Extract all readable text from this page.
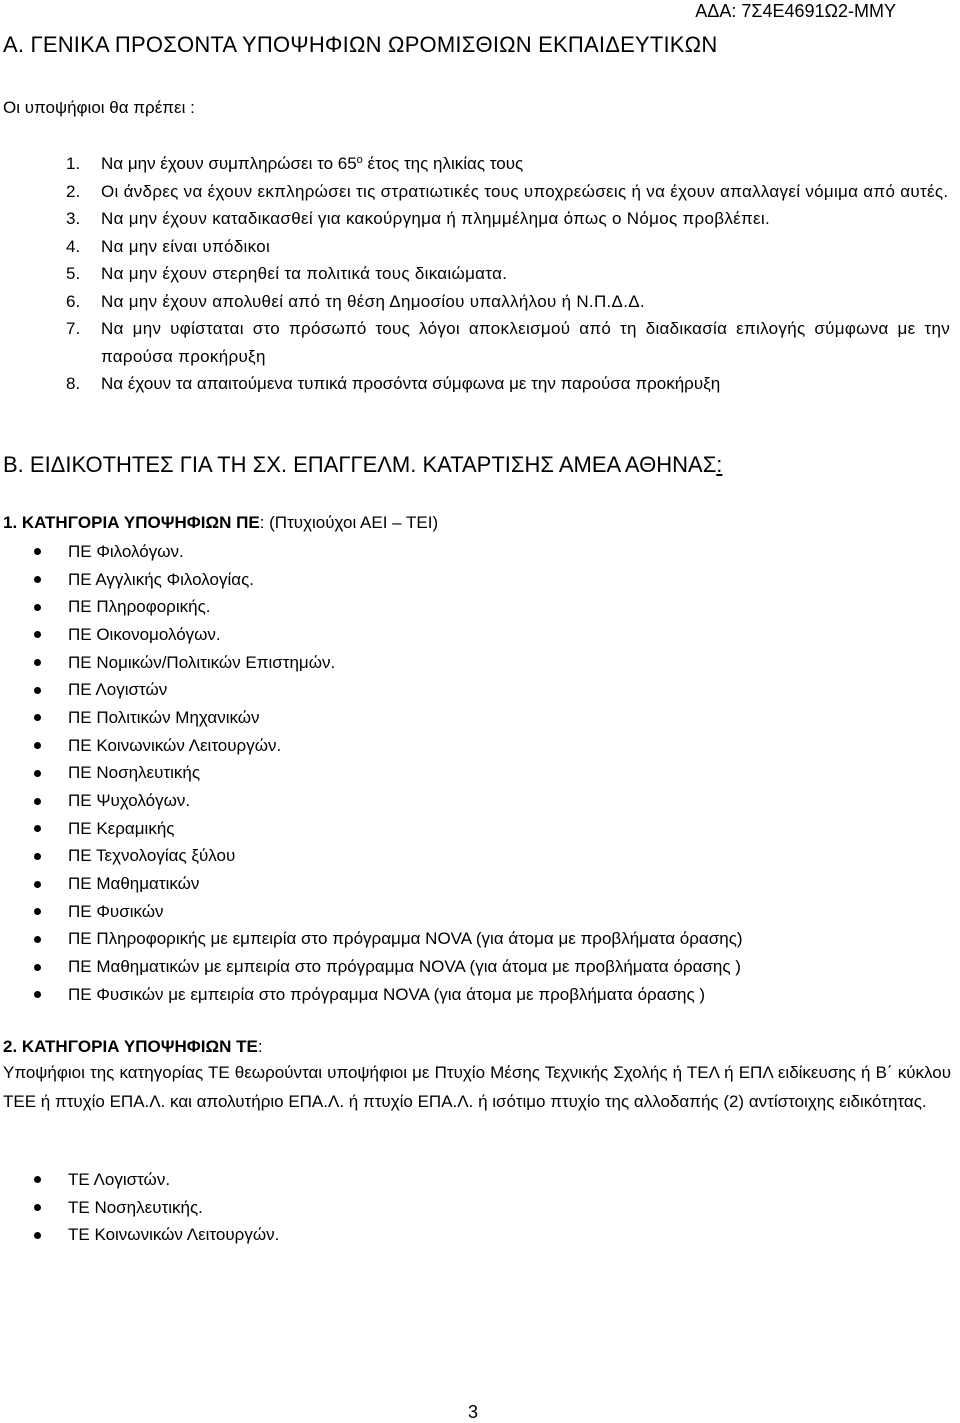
ΑΔΑ: 7Σ4Ε4691Ω2-ΜΜΥ
Α. ΓΕΝΙΚΑ ΠΡΟΣΟΝΤΑ ΥΠΟΨΗΦΙΩΝ ΩΡΟΜΙΣΘΙΩΝ ΕΚΠΑΙΔΕΥΤΙΚΩΝ
Οι υποψήφιοι θα πρέπει :
1.	Να μην έχουν συμπληρώσει το $65^o$ έτος της ηλικίας τους
2.	Οι άνδρες να έχουν εκπληρώσει τις στρατιωτικές τους υποχρεώσεις ή να έχουν απαλλαγεί νόμιμα από αυτές.
3.	Να μην έχουν καταδικασθεί για κακούργημα ή πλημμέλημα όπως ο Νόμος προβλέπει.
4.	Να μην είναι υπόδικοι
5.	Να μην έχουν στερηθεί τα πολιτικά τους δικαιώματα.
6.	Να μην έχουν απολυθεί από τη θέση Δημοσίου υπαλλήλου ή Ν.Π.Δ.Δ.
7.	Να μην υφίσταται στο πρόσωπό τους λόγοι αποκλεισμού από τη διαδικασία επιλογής σύμφωνα με την παρούσα προκήρυξη
8.	Να έχουν τα απαιτούμενα τυπικά προσόντα σύμφωνα με την παρούσα προκήρυξη
Β. ΕΙΔΙΚΟΤΗΤΕΣ ΓΙΑ ΤΗ ΣΧ. ΕΠΑΓΓΕΛΜ. ΚΑΤΑΡΤΙΣΗΣ ΑΜΕΑ ΑΘΗΝΑΣ:
1. ΚΑΤΗΓΟΡΙΑ ΥΠΟΨΗΦΙΩΝ ΠΕ: (Πτυχιούχοι ΑΕΙ – ΤΕΙ)
ΠΕ Φιλολόγων.
ΠΕ Αγγλικής Φιλολογίας.
ΠΕ Πληροφορικής.
ΠΕ Οικονομολόγων.
ΠΕ Νομικών/Πολιτικών Επιστημών.
ΠΕ Λογιστών
ΠΕ Πολιτικών Μηχανικών
ΠΕ Κοινωνικών Λειτουργών.
ΠΕ Νοσηλευτικής
ΠΕ Ψυχολόγων.
ΠΕ Κεραμικής
ΠΕ Τεχνολογίας ξύλου
ΠΕ Μαθηματικών
ΠΕ Φυσικών
ΠΕ Πληροφορικής με εμπειρία στο πρόγραμμα NOVA (για άτομα με προβλήματα όρασης)
ΠΕ Μαθηματικών με εμπειρία στο πρόγραμμα NOVA (για άτομα με προβλήματα όρασης )
ΠΕ Φυσικών με εμπειρία στο πρόγραμμα NOVA (για άτομα με προβλήματα όρασης )
2. ΚΑΤΗΓΟΡΙΑ ΥΠΟΨΗΦΙΩΝ ΤΕ:
Υποψήφιοι της κατηγορίας ΤΕ θεωρούνται υποψήφιοι με Πτυχίο Μέσης Τεχνικής Σχολής ή ΤΕΛ ή ΕΠΛ ειδίκευσης ή Β΄ κύκλου ΤΕΕ ή πτυχίο ΕΠΑ.Λ. και απολυτήριο ΕΠΑ.Λ. ή πτυχίο ΕΠΑ.Λ. ή ισότιμο πτυχίο της αλλοδαπής (2) αντίστοιχης ειδικότητας.
ΤΕ Λογιστών.
ΤΕ Νοσηλευτικής.
ΤΕ Κοινωνικών Λειτουργών.
3
